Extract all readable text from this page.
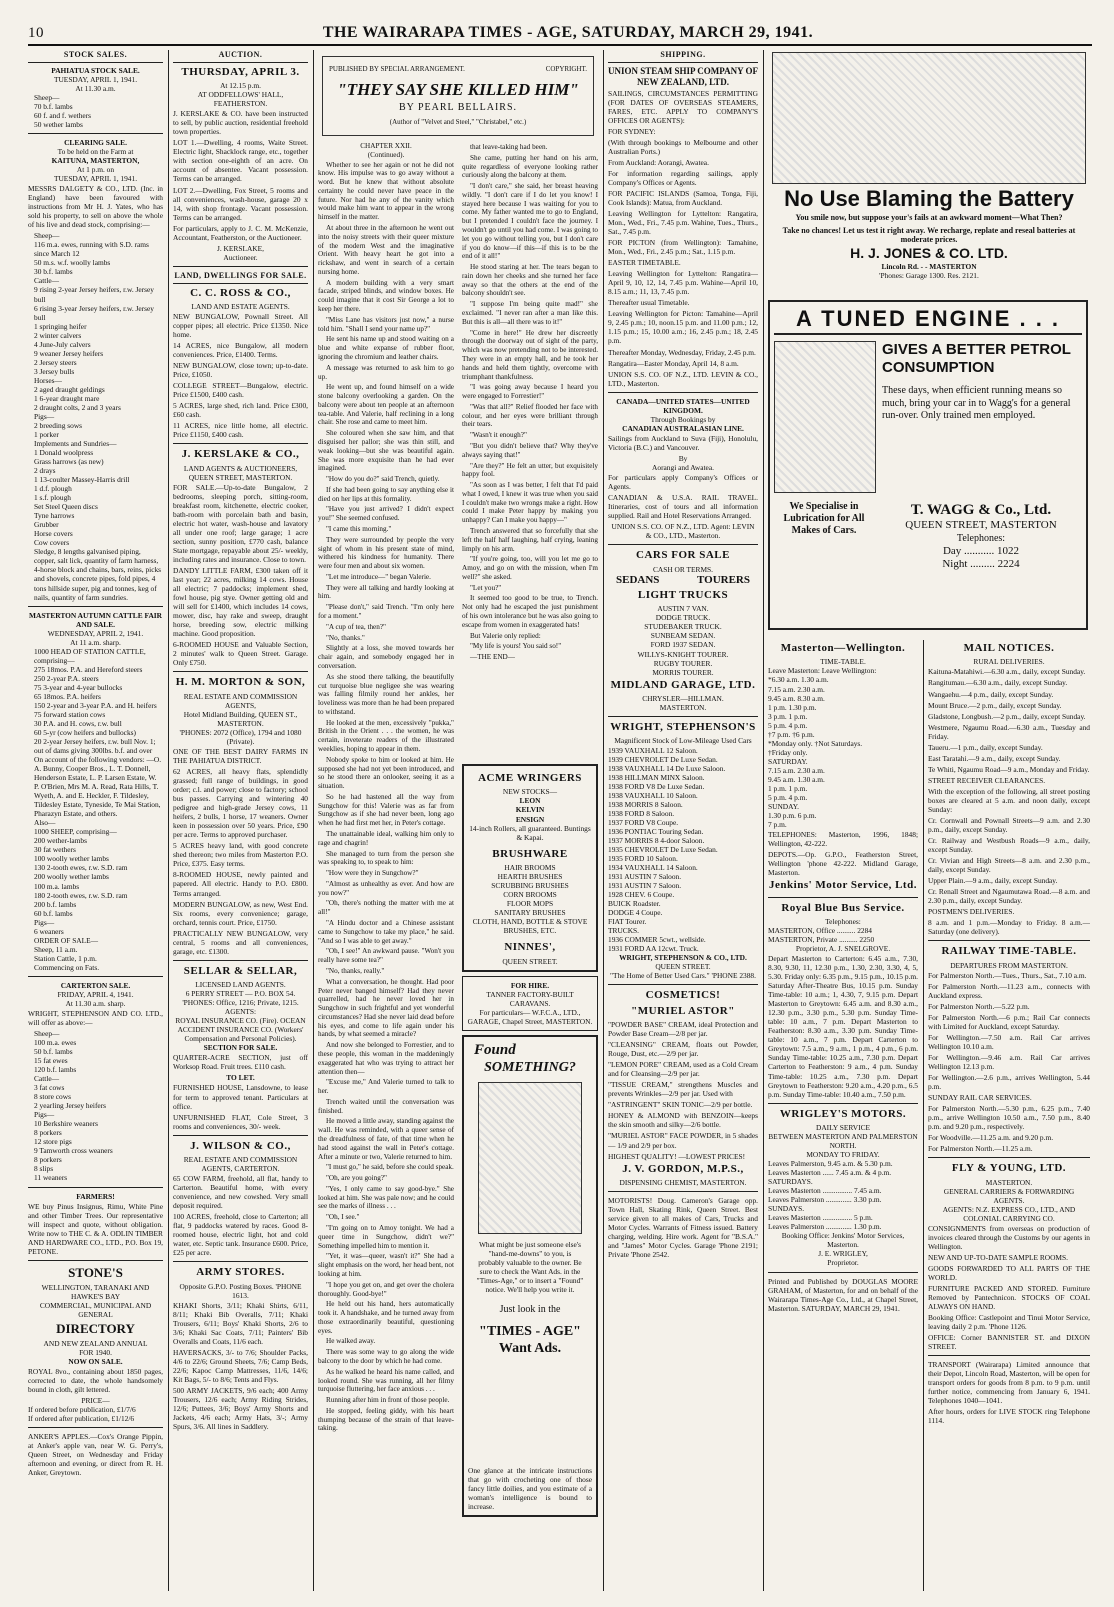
10	THE WAIRARAPA TIMES - AGE, SATURDAY, MARCH 29, 1941.
STOCK SALES.
PAHIATUA STOCK SALE.
TUESDAY, APRIL 1, 1941.
At 11.30 a.m.
Sheep—
70 b.f. lambs
60 f. and f. wethers
50 wether lambs
CLEARING SALE.
To be held on the Farm at
KAITUNA, MASTERTON,
At 1 p.m. on
TUESDAY, APRIL 1, 1941.

MESSRS DALGETY & CO., LTD. (Inc. in England) have been favoured with instructions from Mr H. J. Yates, who has sold his property, to sell on above the whole of his live and dead stock, comprising:—

Sheep—
116 m.a. ewes, running with S.D. rams since March 12
50 m.s. w.f. woolly lambs
30 b.f. lambs
Cattle—
9 rising 2-year Jersey heifers, r.w. Jersey bull
6 rising 3-year Jersey heifers, r.w. Jersey bull
1 springing heifer
2 winter calvers
4 June-July calvers
9 weaner Jersey heifers
2 Jersey steers
3 Jersey bulls
Horses—
2 aged draught geldings
1 6-year draught mare
2 draught colts, 2 and 3 years
Pigs—
2 breeding sows
1 porker
Implements and Sundries—
1 Donald woolpress
Grass harrows (as new)
2 drays
1 13-coulter Massey-Harris drill
1 d.f. plough
1 s.f. plough
Set Steel Queen discs
Tyne harrows
Grubber
Horse covers
Cow covers
Sledge, 8 lengths galvanised piping, copper, salt lick, quantity of farm harness, 4-horse block and chains, bars, reins, picks and shovels, concrete pipes, fold pipes, 4 tons hillside super, pig and tonnes, keg of nails, quantity of farm sundries.
MASTERTON AUTUMN CATTLE FAIR AND SALE.
WEDNESDAY, APRIL 2, 1941.
At 11 a.m. sharp.
1000 HEAD OF STATION CATTLE, comprising—
275 18mos. P.A. and Hereford steers
250 2-year P.A. steers
75 3-year and 4-year bullocks
65 18mos. P.A. heifers
150 2-year and 3-year P.A. and H. heifers
75 forward station cows
30 P.A. and H. cows, r.w. bull
60 5-yr (cow heifers and bullocks)
20 2-year Jersey heifers, r.w. bull Nov. 1; out of dams giving 300lbs. b.f. and over
On account of the following vendors: —O. A. Bunny, Cooper Bros., L. T. Donnell, Henderson Estate, L. P. Larsen Estate, W. P. O'Brien, Mrs M. A. Read, Rata Hills, T. Wyeth, A. and E. Heckler, F. Tildesley, Tildesley Estate, Tyneside, Te Mai Station, Pharazyn Estate, and others.
Also—
1000 SHEEP, comprising—
200 wether-lambs
30 fat wethers
100 woolly wether lambs
130 2-tooth ewes, r.w. S.D. ram
200 woolly wether lambs
100 m.a. lambs
180 2-tooth ewes, r.w. S.D. ram
200 b.f. lambs
60 b.f. lambs
Pigs—
6 weaners
ORDER OF SALE—
Sheep, 11 a.m.
Station Cattle, 1 p.m.
Commencing on Fats.
CARTERTON SALE.
FRIDAY, APRIL 4, 1941.
At 11.30 a.m. sharp.

WRIGHT, STEPHENSON AND CO. LTD., will offer as above:—

Sheep—
100 m.a. ewes
50 b.f. lambs
15 fat ewes
120 b.f. lambs
Cattle—
3 fat cows
8 store cows
2 yearling Jersey heifers
Pigs—
10 Berkshire weaners
8 porkers
12 store pigs
9 Tamworth cross weaners
8 porkers
8 slips
11 weaners
FARMERS!

WE buy Pinus Insignus, Rimu, White Pine and other Timber Trees. Our representative will inspect and quote, without obligation. Write now to THE C. & A. ODLIN TIMBER AND HARDWARE CO., LTD., P.O. Box 19, PETONE.

STONE'S
WELLINGTON, TARANAKI AND HAWKE'S BAY
COMMERCIAL, MUNICIPAL AND GENERAL
DIRECTORY
AND NEW ZEALAND ANNUAL
FOR 1940.
NOW ON SALE.

ROYAL 8vo., containing about 1850 pages, corrected to date, the whole handsomely bound in cloth, gilt lettered.

PRICE—
If ordered before publication, £1/7/6
If ordered after publication, £1/12/6

ANKER'S APPLES.—Cox's Orange Pippin, at Anker's apple van, near W. G. Perry's, Queen Street, on Wednesday and Friday afternoon and evening, or direct from R. H. Anker, Greytown.

AUCTION.
THURSDAY, APRIL 3.
At 12.15 p.m.
AT ODDFELLOWS' HALL, FEATHERSTON.

J. KERSLAKE & CO. have been instructed to sell, by public auction, residential freehold town properties.

LOT 1.—Dwelling, 4 rooms, Waite Street. Electric light, Shacklock range, etc., together with section one-eighth of an acre. On account of absentee. Vacant possession. Terms can be arranged.

LOT 2.—Dwelling, Fox Street, 5 rooms and all conveniences, wash-house, garage 20 x 14, with shop frontage. Vacant possession. Terms can be arranged.

For particulars, apply to J. C. M. McKenzie, Accountant, Featherston, or the Auctioneer.

J. KERSLAKE,
Auctioneer.
LAND, DWELLINGS FOR SALE.
C. C. ROSS & CO.,
LAND AND ESTATE AGENTS.

NEW BUNGALOW, Pownall Street. All copper pipes; all electric. Price £1350. Nice home.

14 ACRES, nice Bungalow, all modern conveniences. Price, £1400. Terms.

NEW BUNGALOW, close town; up-to-date. Price, £1050.

COLLEGE STREET—Bungalow, electric. Price £1500, £400 cash.

5 ACRES, large shed, rich land. Price £300, £60 cash.

11 ACRES, nice little home, all electric. Price £1150, £400 cash.

J. KERSLAKE & CO.,
LAND AGENTS & AUCTIONEERS, QUEEN STREET, MASTERTON.

FOR SALE.—Up-to-date Bungalow, 2 bedrooms, sleeping porch, sitting-room, breakfast room, kitchenette, electric cooker, bath-room with porcelain bath and basin, electric hot water, wash-house and lavatory all under one roof; large garage; 1 acre section, sunny position, £770 cash, balance State mortgage, repayable about 25/- weekly, including rates and insurance. Close to town.

DANDY LITTLE FARM, £300 taken off it last year; 22 acres, milking 14 cows. House all electric; 7 paddocks; implement shed, fowl house, pig stye. Owner getting old and will sell for £1400, which includes 14 cows, mower, disc, hay rake and sweep, draught horse, breeding sow, electric milking machine. Good proposition.

6-ROOMED HOUSE and Valuable Section, 2 minutes' walk to Queen Street. Garage. Only £750.

H. M. MORTON & SON,
REAL ESTATE AND COMMISSION AGENTS,
Hotel Midland Building, QUEEN ST., MASTERTON.
'PHONES: 2072 (Office), 1794 and 1080 (Private).

ONE OF THE BEST DAIRY FARMS IN THE PAHIATUA DISTRICT.

62 ACRES, all heavy flats, splendidly grassed; full range of buildings, in good order; c.l. and power; close to factory; school bus passes. Carrying and wintering 40 pedigree and high-grade Jersey cows, 11 heifers, 2 bulls, 1 horse, 17 weaners. Owner keen in possession over 50 years. Price, £90 per acre. Terms to approved purchaser.

5 ACRES heavy land, with good concrete shed thereon; two miles from Masterton P.O. Price, £375. Easy terms.

8-ROOMED HOUSE, newly painted and papered. All electric. Handy to P.O. £800. Terms arranged.

MODERN BUNGALOW, as new, West End. Six rooms, every convenience; garage, orchard, tennis court. Price, £1750.

PRACTICALLY NEW BUNGALOW, very central, 5 rooms and all conveniences, garage, etc. £1300.

SELLAR & SELLAR,
LICENSED LAND AGENTS.
6 PERRY STREET — P.O. BOX 54. 'PHONES: Office, 1216; Private, 1215. AGENTS:
ROYAL INSURANCE CO. (Fire). OCEAN ACCIDENT INSURANCE CO. (Workers' Compensation and Personal Policies).
SECTION FOR SALE.

QUARTER-ACRE SECTION, just off Worksop Road. Fruit trees. £110 cash.

TO LET.

FURNISHED HOUSE, Lansdowne, to lease for term to approved tenant. Particulars at office.

UNFURNISHED FLAT, Cole Street, 3 rooms and conveniences, 30/- week.

J. WILSON & CO.,
REAL ESTATE AND COMMISSION AGENTS, CARTERTON.

65 COW FARM, freehold, all flat, handy to Carterton. Beautiful home, with every convenience, and new cowshed. Very small deposit required.

100 ACRES, freehold, close to Carterton; all flat, 9 paddocks watered by races. Good 8-roomed house, electric light, hot and cold water, etc. Septic tank. Insurance £600. Price, £25 per acre.

ARMY STORES.
Opposite G.P.O. Posting Boxes. 'PHONE 1613.

KHAKI Shorts, 3/11; Khaki Shirts, 6/11, 8/11; Khaki Bib Overalls, 7/11; Khaki Trousers, 6/11; Boys' Khaki Shorts, 2/6 to 3/6; Khaki Sac Coats, 7/11; Painters' Bib Overalls and Coats, 11/6 each.

HAVERSACKS, 3/- to 7/6; Shoulder Packs, 4/6 to 22/6; Ground Sheets, 7/6; Camp Beds, 22/6; Kapoc Camp Mattresses, 11/6, 14/6; Kit Bags, 5/- to 8/6; Tents and Flys.

500 ARMY JACKETS, 9/6 each; 400 Army Trousers, 12/6 each; Army Riding Strides, 12/6; Puttees, 3/6; Boys' Army Shorts and Jackets, 4/6 each; Army Hats, 3/-; Army Spurs, 3/6. All lines in Saddlery.

PUBLISHED BY SPECIAL ARRANGEMENT.	COPYRIGHT.
"THEY SAY SHE KILLED HIM"
BY PEARL BELLAIRS.
(Author of "Velvet and Steel," "Christabel," etc.)
CHAPTER XXII.
(Continued).

Whether to see her again or not he did not know. His impulse was to go away without a word. But he knew that without absolute certainty he could never have peace in the future. Nor had he any of the vanity which would make him want to appear in the wrong himself in the matter.

At about three in the afternoon he went out into the noisy streets with their queer mixture of the modern West and the imaginative Orient. With heavy heart he got into a rickshaw, and went in search of a certain nursing home.

A modern building with a very smart facade, striped blinds, and window boxes. He could imagine that it cost Sir George a lot to keep her there.

"Miss Lane has visitors just now," a nurse told him. "Shall I send your name up?"

He sent his name up and stood waiting on a blue and white expanse of rubber floor, ignoring the chromium and leather chairs.

A message was returned to ask him to go up.

He went up, and found himself on a wide stone balcony overlooking a garden. On the balcony were about ten people at an afternoon tea-table. And Valerie, half reclining in a long chair. She rose and came to meet him.

She coloured when she saw him, and that disguised her pallor; she was thin still, and weak looking—but she was beautiful again. She was more exquisite than he had ever imagined.

"How do you do?" said Trench, quietly.

If she had been going to say anything else it died on her lips at this formality.

"Have you just arrived? I didn't expect you!" She seemed confused.

"I came this morning."

They were surrounded by people the very sight of whom in his present state of mind, withered his kindness for humanity. There were four men and about six women.

"Let me introduce—" began Valerie.

They were all talking and hardly looking at him.

"Please don't," said Trench. "I'm only here for a moment."

"A cup of tea, then?"

"No, thanks."

Slightly at a loss, she moved towards her chair again, and somebody engaged her in conversation.

As she stood there talking, the beautifully cut turquoise blue negligee she was wearing was falling filmily round her ankles, her loveliness was more than he had been prepared to withstand.

He looked at the men, excessively "pukka," British in the Orient . . . the women, he was certain, inveterate readers of the illustrated weeklies, hoping to appear in them.

Nobody spoke to him or looked at him. He supposed she had not yet been introduced, and so he stood there an onlooker, seeing it as a situation.

So he had hastened all the way from Sungchow for this! Valerie was as far from Sungchow as if she had never been, long ago when he had first met her, in Peter's cottage.

The unattainable ideal, walking him only to rage and chagrin!

She managed to turn from the person she was speaking to, to speak to him:

"How were they in Sungchow?"

"Almost as unhealthy as ever. And how are you now?"

"Oh, there's nothing the matter with me at all!"

"A Hindu doctor and a Chinese assistant came to Sungchow to take my place," he said. "And so I was able to get away."

"Oh, I see!" An awkward pause. "Won't you really have some tea?"

"No, thanks, really."

What a conversation, he thought. Had poor Peter never banged himself? Had they never quarrelled, had he never loved her in Sungchow in such frightful and yet wonderful circumstances? Had she never laid dead before his eyes, and come to life again under his hands, by what seemed a miracle?

And now she belonged to Forrestier, and to these people, this woman in the maddeningly exaggerated hat who was trying to attract her attention then—

"Excuse me," And Valerie turned to talk to her.

Trench waited until the conversation was finished.

He moved a little away, standing against the wall. He was reminded, with a queer sense of the dreadfulness of fate, of that time when he had stood against the wall in Peter's cottage. After a minute or two, Valerie returned to him.

"I must go," he said, before she could speak.

"Oh, are you going?"

"Yes, I only came to say good-bye." She looked at him. She was pale now; and he could see the marks of illness . . .

"Oh, I see."

"I'm going on to Amoy tonight. We had a queer time in Sungchow, didn't we?" Something impelled him to mention it.

"Yet, it was—queer, wasn't it?" She had a slight emphasis on the word, her head bent, not looking at him.

"I hope you get on, and get over the cholera thoroughly. Good-bye!"

He held out his hand, hers automatically took it. A handshake, and he turned away from those extraordinarily beautiful, questioning eyes.

He walked away.

There was some way to go along the wide balcony to the door by which he had come.

As he walked he heard his name called, and looked round. She was running, all her filmy turquoise fluttering, her face anxious . . .

Running after him in front of those people.

He stopped, feeling giddy, with his heart thumping because of the strain of that leave-taking.

that leave-taking had been.

She came, putting her hand on his arm, quite regardless of everyone looking rather curiously along the balcony at them.

"I don't care," she said, her breast heaving wildly. "I don't care if I do let you know! I stayed here because I was waiting for you to come. My father wanted me to go to England, but I pretended I couldn't face the journey. I wouldn't go until you had come. I was going to let you go without telling you, but I don't care if you do know—if this—if this is to be the end of it all!"

He stood staring at her. The tears began to rain down her cheeks and she turned her face away so that the others at the end of the balcony shouldn't see.

"I suppose I'm being quite mad!" she exclaimed. "I never ran after a man like this. But this is all—all there was to it!"

"Come in here!" He drew her discreetly through the doorway out of sight of the party, which was now pretending not to be interested. They were in an empty hall, and he took her hands and held them tightly, overcome with triumphant thankfulness.

"I was going away because I heard you were engaged to Forrestier!"

"Was that all?" Relief flooded her face with colour, and her eyes were brilliant through their tears.

"Wasn't it enough?"

"But you didn't believe that? Why they've always saying that!"

"Are they?" He felt an utter, but exquisitely happy fool.

"As soon as I was better, I felt that I'd paid what I owed, I knew it was true when you said I couldn't make two wrongs make a right. How could I make Peter happy by making you unhappy? Can I make you happy—"

Trench answered that so forcefully that she left the half half laughing, half crying, leaning limply on his arm.

"If you're going, too, will you let me go to Amoy, and go on with the mission, when I'm well?" she asked.

"Let you?"

It seemed too good to be true, to Trench. Not only had he escaped the just punishment of his own intolerance but he was also going to escape from women in exaggerated hats!

But Valerie only replied:

"My life is yours! You said so!"

—THE END—

ACME WRINGERS
NEW STOCKS—
LEON
KELVIN
ENSIGN
14-inch Rollers, all guaranteed. Buntings & Kapai.
BRUSHWARE
HAIR BROOMS
HEARTH BRUSHES
SCRUBBING BRUSHES
CORN BROOMS
FLOOR MOPS
SANITARY BRUSHES
CLOTH, HAND, BOTTLE & STOVE BRUSHES, ETC.
NINNES',
QUEEN STREET.
FOR HIRE.
TANNER FACTORY-BUILT CARAVANS.
For particulars— W.F.C.A., LTD., GARAGE, Chapel Street, MASTERTON.
Found
SOMETHING?

What might be just someone else's "hand-me-downs" to you, is probably valuable to the owner. Be sure to check the Want Ads. in the "Times-Age," or to insert a "Found" notice. We'll help you write it.

Just look in the
"TIMES - AGE"
Want Ads.

One glance at the intricate instructions that go with crocheting one of those fancy little doilies, and you estimate of a woman's intelligence is bound to increase.

SHIPPING.
UNION STEAM SHIP COMPANY OF NEW ZEALAND, LTD.

SAILINGS, CIRCUMSTANCES PERMITTING (FOR DATES OF OVERSEAS STEAMERS, FARES, ETC. APPLY TO COMPANY'S OFFICES OR AGENTS):

FOR SYDNEY:

(With through bookings to Melbourne and other Australian Ports.)

From Auckland: Aorangi, Awatea.

For information regarding sailings, apply Company's Offices or Agents.

FOR PACIFIC ISLANDS (Samoa, Tonga, Fiji, Cook Islands): Matua, from Auckland.

Leaving Wellington for Lyttelton: Rangatira, Mon., Wed., Fri., 7.45 p.m. Wahine, Tues., Thurs., Sat., 7.45 p.m.

FOR PICTON (from Wellington): Tamahine, Mon., Wed., Fri., 2.45 p.m.; Sat., 1.15 p.m.

EASTER TIMETABLE.

Leaving Wellington for Lyttelton: Rangatira—April 9, 10, 12, 14, 7.45 p.m. Wahine—April 10, 8.15 a.m.; 11, 13, 7.45 p.m.

Thereafter usual Timetable.

Leaving Wellington for Picton: Tamahine—April 9, 2.45 p.m.; 10, noon.15 p.m. and 11.00 p.m.; 12, 1.15 p.m.; 15, 10.00 a.m.; 16, 2.45 p.m.; 18, 2.45 p.m.

Thereafter Monday, Wednesday, Friday, 2.45 p.m.

Rangatira—Easter Monday, April 14, 8 a.m.

UNION S.S. CO. OF N.Z., LTD. LEVIN & CO., LTD., Masterton.

CANADA—UNITED STATES—UNITED KINGDOM.
Through Bookings by
CANADIAN AUSTRALASIAN LINE.

Sailings from Auckland to Suva (Fiji), Honolulu, Victoria (B.C.) and Vancouver.

By
Aorangi and Awatea.

For particulars apply Company's Offices or Agents.

CANADIAN & U.S.A. RAIL TRAVEL. Itineraries, cost of tours and all information supplied. Rail and Hotel Reservations Arranged.

UNION S.S. CO. OF N.Z., LTD. Agent: LEVIN & CO., LTD., Masterton.

CARS FOR SALE
CASH OR TERMS.
SEDANS	TOURERS
LIGHT TRUCKS
AUSTIN 7 VAN.
DODGE TRUCK.
STUDEBAKER TRUCK.
SUNBEAM SEDAN.
FORD 1937 SEDAN.
WILLYS-KNIGHT TOURER.
RUGBY TOURER.
MORRIS TOURER.
MIDLAND GARAGE, LTD.
CHRYSLER—HILLMAN.
MASTERTON.
WRIGHT, STEPHENSON'S
Magnificent Stock of Low-Mileage Used Cars
1939 VAUXHALL 12 Saloon.
1939 CHEVROLET De Luxe Sedan.
1938 VAUXHALL 14 De Luxe Saloon.
1938 HILLMAN MINX Saloon.
1938 FORD V8 De Luxe Sedan.
1938 VAUXHALL 10 Saloon.
1938 MORRIS 8 Saloon.
1938 FORD 8 Saloon.
1937 FORD V8 Coupe.
1936 PONTIAC Touring Sedan.
1937 MORRIS 8 4-door Saloon.
1935 CHEVROLET De Luxe Sedan.
1935 FORD 10 Saloon.
1934 VAUXHALL 14 Saloon.
1931 AUSTIN 7 Saloon.
1931 AUSTIN 7 Saloon.
1928 CHEV. 6 Coupe.
BUICK Roadster.
DODGE 4 Coupe.
FIAT Tourer.
TRUCKS.
1936 COMMER 5cwt., wellside.
1931 FORD AA 12cwt. Truck.
WRIGHT, STEPHENSON & CO., LTD.
QUEEN STREET.
"The Home of Better Used Cars." 'PHONE 2388.
COSMETICS!
"MURIEL ASTOR"

"POWDER BASE" CREAM, ideal Protection and Powder Base Cream—2/8 per jar.

"CLEANSING" CREAM, floats out Powder, Rouge, Dust, etc.—2/9 per jar.

"LEMON PORE" CREAM, used as a Cold Cream and for Cleansing—2/9 per jar.

"TISSUE CREAM," strengthens Muscles and prevents Wrinkles—2/9 per jar. Used with

"ASTRINGENT" SKIN TONIC—2/9 per bottle.

HONEY & ALMOND with BENZOIN—keeps the skin smooth and silky—2/6 bottle.

"MURIEL ASTOR" FACE POWDER, in 5 shades— 1/9 and 2/9 per box.

HIGHEST QUALITY! —LOWEST PRICES!

J. V. GORDON, M.P.S.,
DISPENSING CHEMIST, MASTERTON.

MOTORISTS! Doug. Cameron's Garage opp. Town Hall, Skating Rink, Queen Street. Best service given to all makes of Cars, Trucks and Motor Cycles. Warrants of Fitness issued. Battery charging, welding. Hire work. Agent for "B.S.A." and "James" Motor Cycles. Garage 'Phone 2191; Private 'Phone 2542.

No Use Blaming the Battery
You smile now, but suppose your's fails at an awkward moment—What Then?
Take no chances! Let us test it right away. We recharge, replate and reseal batteries at moderate prices.
H. J. JONES & CO. LTD.
Lincoln Rd. - - MASTERTON
'Phones: Garage 1300. Res. 2121.
A TUNED ENGINE . . .
GIVES A BETTER PETROL CONSUMPTION
These days, when efficient running means so much, bring your car in to Wagg's for a general run-over. Only trained men employed.
We Specialise in Lubrication for All Makes of Cars.
T. WAGG & Co., Ltd.
QUEEN STREET, MASTERTON
Telephones:
Day ........... 1022
Night ......... 2224
Masterton—Wellington.
TIME-TABLE.
Leave Masterton: Leave Wellington:
*6.30 a.m. 1.30 a.m.
7.15 a.m. 2.30 a.m.
9.45 a.m. 8.30 a.m.
1 p.m. 1.30 p.m.
3 p.m. 1 p.m.
5 p.m. 4 p.m.
†7 p.m. †6 p.m.
*Monday only. †Not Saturdays.
†Friday only.
SATURDAY.
7.15 a.m. 2.30 a.m.
9.45 a.m. 1.30 a.m.
1 p.m. 1 p.m.
5 p.m. 4 p.m.
SUNDAY.
1.30 p.m. 6 p.m.
7 p.m.

TELEPHONES: Masterton, 1996, 1848; Wellington, 42-222.

DEPOTS.—Op. G.P.O., Featherston Street, Wellington 'phone 42-222. Midland Garage, Masterton.

Jenkins' Motor Service, Ltd.
Royal Blue Bus Service.
Telephones:
MASTERTON, Office .......... 2284
MASTERTON, Private .......... 2250
Proprietor, A. J. SNELGROVE.

Depart Masterton to Carterton: 6.45 a.m., 7.30, 8.30, 9.30, 11, 12.30 p.m., 1.30, 2.30, 3.30, 4, 5, 5.30. Friday only: 6.35 p.m., 9.15 p.m., 10.15 p.m. Saturday After-Theatre Bus, 10.15 p.m. Sunday Time-table: 10 a.m.; 1, 4.30, 7, 9.15 p.m. Depart Masterton to Greytown: 6.45 a.m. and 8.30 a.m., 12.30 p.m., 3.30 p.m., 5.30 p.m. Sunday Time-table: 10 a.m., 7 p.m. Depart Masterton to Featherston: 8.30 a.m., 3.30 p.m. Sunday Time-table: 10 a.m., 7 p.m. Depart Carterton to Greytown: 7.5 a.m., 9 a.m., 1 p.m., 4 p.m., 6 p.m. Sunday Time-table: 10.25 a.m., 7.30 p.m. Depart Carterton to Featherston: 9 a.m., 4 p.m. Sunday Time-table: 10.25 a.m., 7.30 p.m. Depart Greytown to Featherston: 9.20 a.m., 4.20 p.m., 6.5 p.m. Sunday Time-table: 10.40 a.m., 7.50 p.m.

WRIGLEY'S MOTORS.
DAILY SERVICE
BETWEEN MASTERTON AND PALMERSTON NORTH.
MONDAY TO FRIDAY.
Leaves Palmerston, 9.45 a.m. & 5.30 p.m.
Leaves Masterton ...... 7.45 a.m. & 4 p.m.
SATURDAYS.
Leaves Masterton ................ 7.45 a.m.
Leaves Palmerston .............. 3.30 p.m.
SUNDAYS.
Leaves Masterton ................ 5 p.m.
Leaves Palmerston .............. 1.30 p.m.
Booking Office: Jenkins' Motor Services, Masterton.
J. E. WRIGLEY,
Proprietor.

Printed and Published by DOUGLAS MOORE GRAHAM, of Masterton, for and on behalf of the Wairarapa Times-Age Co., Ltd., at Chapel Street, Masterton. SATURDAY, MARCH 29, 1941.

MAIL NOTICES.
RURAL DELIVERIES.

Kaituna-Matahiwi.—6.30 a.m., daily, except Sunday.

Rangitumau.—6.30 a.m., daily, except Sunday.

Wangaehu.—4 p.m., daily, except Sunday.

Mount Bruce.—2 p.m., daily, except Sunday.

Gladstone, Longbush.—2 p.m., daily, except Sunday.

Westmere, Ngaumu Road.—6.30 a.m., Tuesday and Friday.

Taueru.—1 p.m., daily, except Sunday.

East Taratahi.—9 a.m., daily, except Sunday.

Te Whiti, Ngaumu Road—9 a.m., Monday and Friday.

STREET RECEIVER CLEARANCES.

With the exception of the following, all street posting boxes are cleared at 5 a.m. and noon daily, except Sunday:

Cr. Cornwall and Pownall Streets—9 a.m. and 2.30 p.m., daily, except Sunday.

Cr. Railway and Westbush Roads—9 a.m., daily, except Sunday.

Cr. Vivian and High Streets—8 a.m. and 2.30 p.m., daily, except Sunday.

Upper Plain.—9 a.m., daily, except Sunday.

Cr. Renall Street and Ngaumutawa Road.—8 a.m. and 2.30 p.m., daily, except Sunday.

POSTMEN'S DELIVERIES.

8 a.m. and 1 p.m.—Monday to Friday. 8 a.m.—Saturday (one delivery).

RAILWAY TIME-TABLE.
DEPARTURES FROM MASTERTON.

For Palmerston North.—Tues., Thurs., Sat., 7.10 a.m.

For Palmerston North.—11.23 a.m., connects with Auckland express.

For Palmerston North.—5.22 p.m.

For Palmerston North.—6 p.m.; Rail Car connects with Limited for Auckland, except Saturday.

For Wellington.—7.50 a.m. Rail Car arrives Wellington 10.10 a.m.

For Wellington.—9.46 a.m. Rail Car arrives Wellington 12.13 p.m.

For Wellington.—2.6 p.m., arrives Wellington, 5.44 p.m.

SUNDAY RAIL CAR SERVICES.

For Palmerston North.—5.30 p.m., 6.25 p.m., 7.40 p.m., arrive Wellington 10.50 a.m., 7.50 p.m., 8.40 p.m. and 9.20 p.m., respectively.

For Woodville.—11.25 a.m. and 9.20 p.m.

For Palmerston North.—11.25 a.m.

FLY & YOUNG, LTD.
MASTERTON.
GENERAL CARRIERS & FORWARDING AGENTS.
AGENTS: N.Z. EXPRESS CO., LTD., AND COLONIAL CARRYING CO.

CONSIGNMENTS from overseas on production of invoices cleared through the Customs by our agents in Wellington.

NEW AND UP-TO-DATE SAMPLE ROOMS.

GOODS FORWARDED TO ALL PARTS OF THE WORLD.

FURNITURE PACKED AND STORED. Furniture Removed by Pantechnicon. STOCKS OF COAL ALWAYS ON HAND.

Booking Office: Castlepoint and Tinui Motor Service, leaving daily 2 p.m. 'Phone 1126.

OFFICE: Corner BANNISTER ST. and DIXON STREET.

TRANSPORT (Wairarapa) Limited announce that their Depot, Lincoln Road, Masterton, will be open for transport orders for goods from 8 p.m. to 9 p.m. until further notice, commencing from January 6, 1941. Telephones 1040—1041.

After hours, orders for LIVE STOCK ring Telephone 1114.
